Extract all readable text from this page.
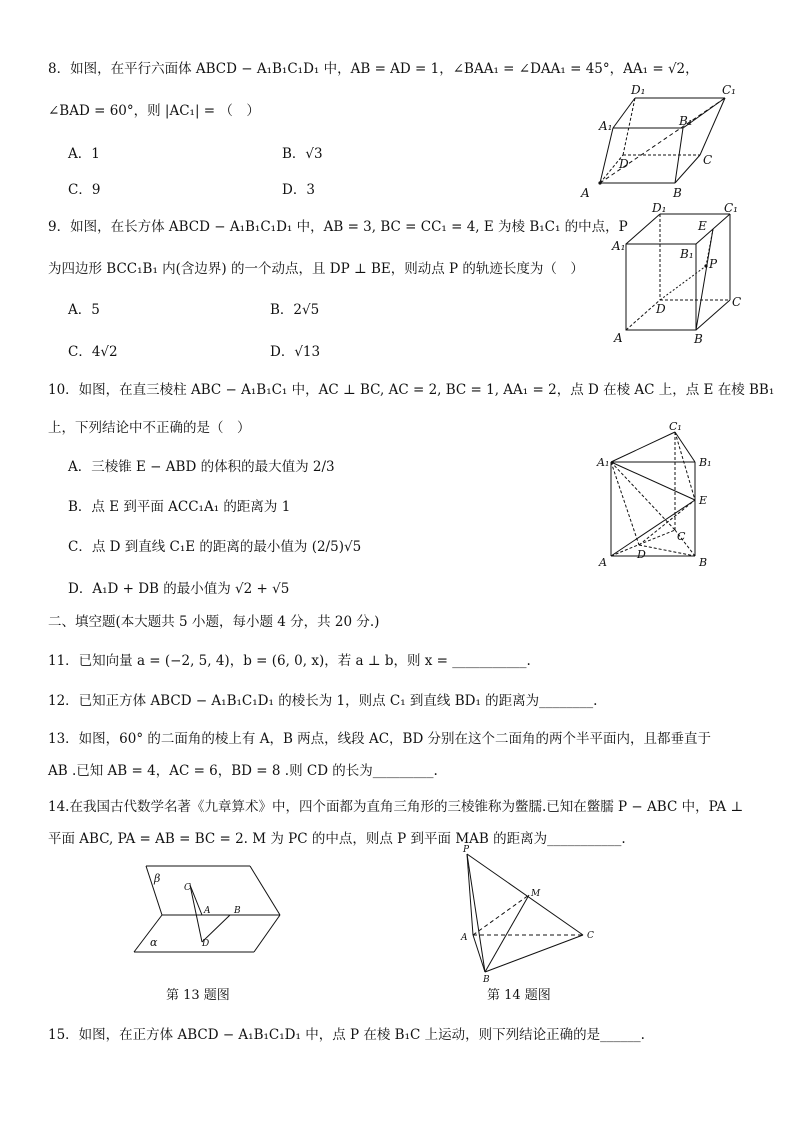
8．如图，在平行六面体 ABCD − A₁B₁C₁D₁ 中，AB = AD = 1，∠BAA₁ = ∠DAA₁ = 45°，AA₁ = √2，
∠BAD = 60°，则 |AC₁| = （　）
A．1	B．√3
C．9	D．3	A	B
C
D
A₁	B₁
C₁
D₁
9．如图，在长方体 ABCD − A₁B₁C₁D₁ 中，AB = 3, BC = CC₁ = 4, E 为棱 B₁C₁ 的中点，P
为四边形 BCC₁B₁ 内(含边界) 的一个动点，且 DP ⊥ BE，则动点 P 的轨迹长度为（　）
A．5	B．2√5
C．4√2	D．√13
A	B
C
D
A₁
B₁
C₁
D₁
E
P
10．如图，在直三棱柱 ABC − A₁B₁C₁ 中，AC ⊥ BC, AC = 2, BC = 1, AA₁ = 2，点 D 在棱 AC 上，点 E 在棱 BB₁
上，下列结论中不正确的是（　）
A．三棱锥 E − ABD 的体积的最大值为 2/3
B．点 E 到平面 ACC₁A₁ 的距离为 1
C．点 D 到直线 C₁E 的距离的最小值为 (2/5)√5
D．A₁D + DB 的最小值为 √2 + √5
A₁
C₁
B₁
E
C
D
A	B
二、填空题(本大题共 5 小题，每小题 4 分，共 20 分.)
11．已知向量 a = (−2, 5, 4)，b = (6, 0, x)，若 a ⊥ b，则 x = ___________.
12．已知正方体 ABCD − A₁B₁C₁D₁ 的棱长为 1，则点 C₁ 到直线 BD₁ 的距离为________.
13．如图，60° 的二面角的棱上有 A，B 两点，线段 AC，BD 分别在这个二面角的两个半平面内，且都垂直于
AB .已知 AB = 4，AC = 6，BD = 8 .则 CD 的长为_________.
14.在我国古代数学名著《九章算术》中，四个面都为直角三角形的三棱锥称为鳖臑.已知在鳖臑 P − ABC 中，PA ⊥
平面 ABC, PA = AB = BC = 2. M 为 PC 的中点，则点 P 到平面 MAB 的距离为___________.
β
α
C
A	B
D
第 13 题图
P
M
A
B
C
第 14 题图
15．如图，在正方体 ABCD − A₁B₁C₁D₁ 中，点 P 在棱 B₁C 上运动，则下列结论正确的是______.
